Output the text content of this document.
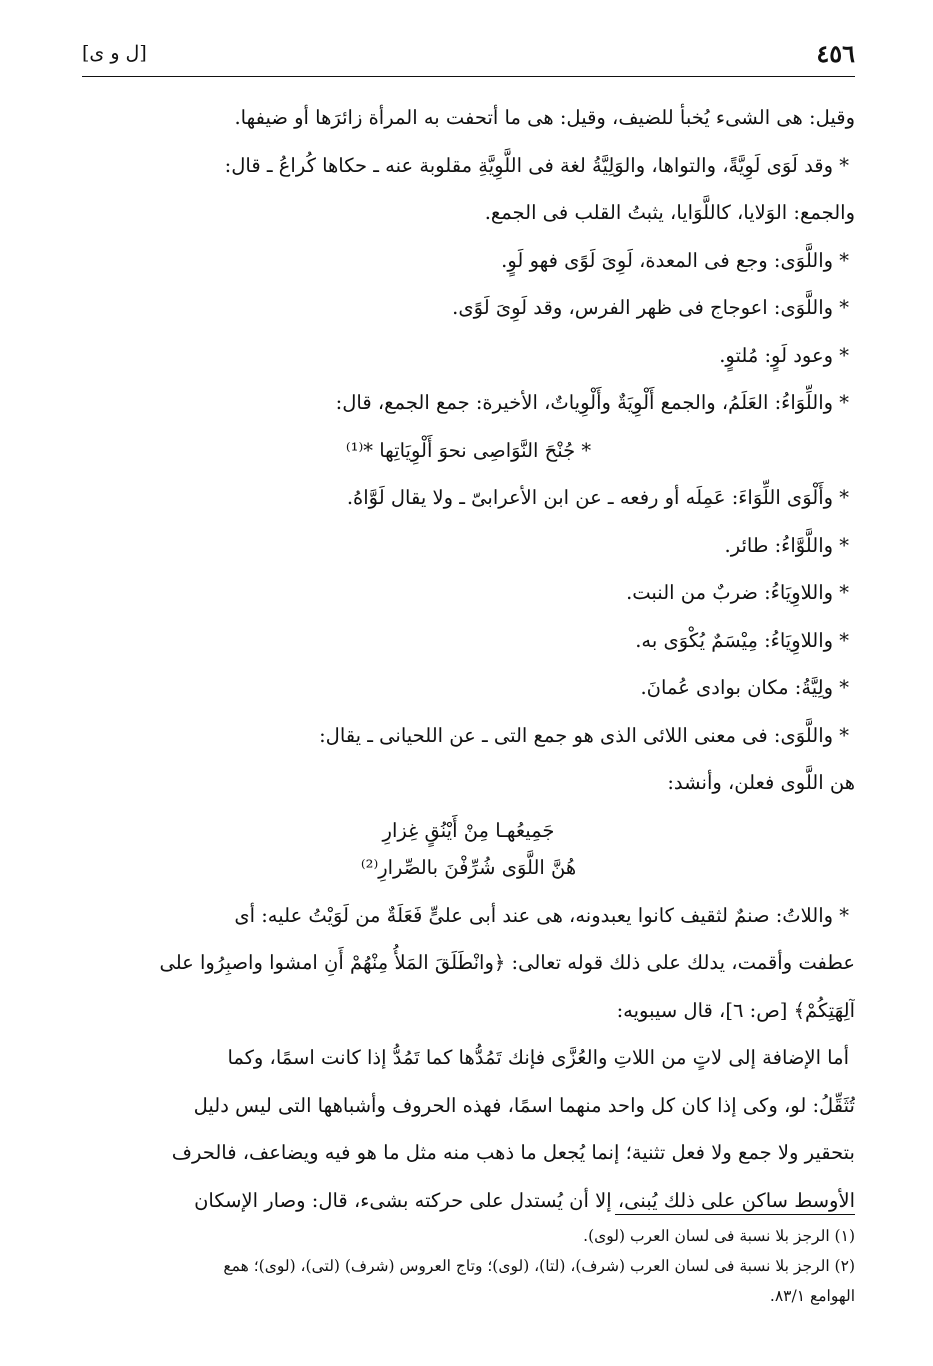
٤٥٦
[ل و ى]
وقيل: هى الشىء يُخبأ للضيف، وقيل: هى ما أتحفت به المرأة زائرَها أو ضيفها.
* وقد لَوَى لَوِيَّةً، والتواها، والوَلِيَّةُ لغة فى اللَّوِيَّةِ مقلوبة عنه ـ حكاها كُراعُ ـ قال:
والجمع: الوَلايا، كاللَّوَايا، يثبتُ القلب فى الجمع.
* واللَّوَى: وجع فى المعدة، لَوِىَ لَوًى فهو لَوٍ.
* واللَّوَى: اعوجاج فى ظهر الفرس، وقد لَوِىَ لَوًى.
* وعود لَوٍ: مُلتوٍ.
* واللِّوَاءُ: العَلَمُ، والجمع أَلْوِيَةٌ وأَلْوِياتٌ، الأخيرة: جمع الجمع، قال:
* جُنْحَ النَّوَاصِى نحوَ أَلْوِيَاتِها *⁽¹⁾
* وأَلْوَى اللِّوَاءَ: عَمِلَه أو رفعه ـ عن ابن الأعرابىّ ـ ولا يقال لَوَّاهُ.
* واللَّوَّاءُ: طائر.
* واللاوِيَاءُ: ضربٌ من النبت.
* واللاوِيَاءُ: مِيْسَمٌ يُكْوَى به.
* ولِيَّةُ: مكان بوادى عُمانَ.
* واللَّوَى: فى معنى اللائى الذى هو جمع التى ـ عن اللحيانى ـ يقال:
هن اللَّوى فعلن، وأنشد:
جَمِيعُهـا مِنْ أَيْنُقٍ غِزارِ
هُنَّ اللَّوَى شُرِّفْنَ بالصِّرارِ⁽²⁾
* واللاتُ: صنمٌ لثقيف كانوا يعبدونه، هى عند أبى علىٍّ فَعَلَةٌ من لَوَيْتُ عليه: أى
عطفت وأقمت، يدلك على ذلك قوله تعالى: ﴿وانْطَلَقَ المَلأُ مِنْهُمْ أَنِ امشوا واصبِرُوا على
آلِهَتِكُمْ﴾ [ص: ٦]، قال سيبويه:
أما الإضافة إلى لاتٍ من اللاتِ والعُزَّى فإنك تَمُدُّها كما تَمُدُّ إذا كانت اسمًا، وكما
تُثَقِّلُ: لو، وكى إذا كان كل واحد منهما اسمًا، فهذه الحروف وأشباهها التى ليس دليل
بتحقير ولا جمع ولا فعل تثنية؛ إنما يُجعل ما ذهب منه مثل ما هو فيه ويضاعف، فالحرف
الأوسط ساكن على ذلك يُبنى، إلا أن يُستدل على حركته بشىء، قال: وصار الإسكان
(١) الرجز بلا نسبة فى لسان العرب (لوى).
(٢) الرجز بلا نسبة فى لسان العرب (شرف)، (لتا)، (لوى)؛ وتاج العروس (شرف) (لتى)، (لوى)؛ همع
الهوامع ٨٣/١.
